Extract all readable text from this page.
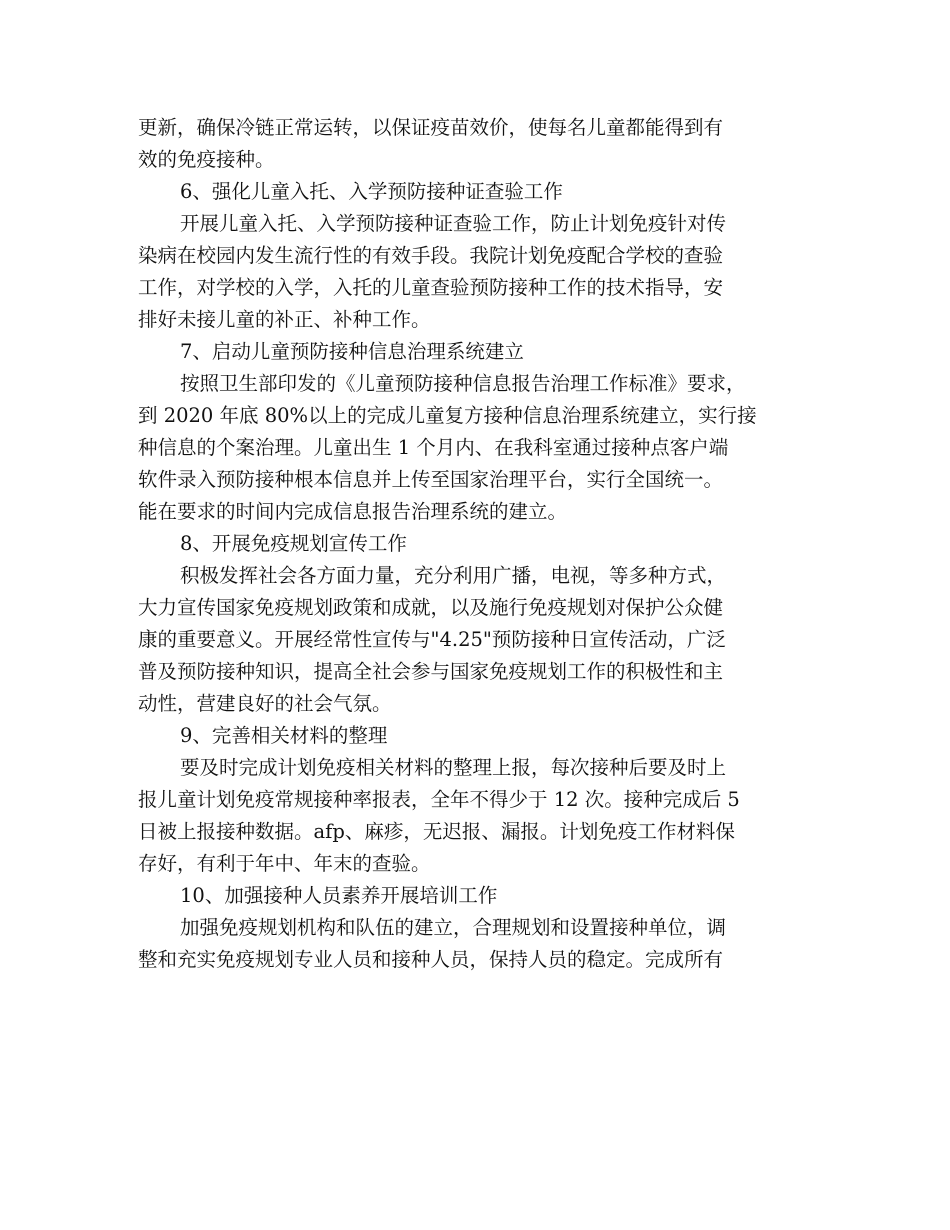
更新，确保冷链正常运转，以保证疫苗效价，使每名儿童都能得到有
效的免疫接种。
6、强化儿童入托、入学预防接种证查验工作
开展儿童入托、入学预防接种证查验工作，防止计划免疫针对传
染病在校园内发生流行性的有效手段。我院计划免疫配合学校的查验
工作，对学校的入学，入托的儿童查验预防接种工作的技术指导，安
排好未接儿童的补正、补种工作。
7、启动儿童预防接种信息治理系统建立
按照卫生部印发的《儿童预防接种信息报告治理工作标准》要求，
到 2020 年底 80%以上的完成儿童复方接种信息治理系统建立，实行接
种信息的个案治理。儿童出生 1 个月内、在我科室通过接种点客户端
软件录入预防接种根本信息并上传至国家治理平台，实行全国统一。
能在要求的时间内完成信息报告治理系统的建立。
8、开展免疫规划宣传工作
积极发挥社会各方面力量，充分利用广播，电视，等多种方式，
大力宣传国家免疫规划政策和成就，以及施行免疫规划对保护公众健
康的重要意义。开展经常性宣传与"4.25"预防接种日宣传活动，广泛
普及预防接种知识，提高全社会参与国家免疫规划工作的积极性和主
动性，营建良好的社会气氛。
9、完善相关材料的整理
要及时完成计划免疫相关材料的整理上报，每次接种后要及时上
报儿童计划免疫常规接种率报表，全年不得少于 12 次。接种完成后 5
日被上报接种数据。afp、麻疹，无迟报、漏报。计划免疫工作材料保
存好，有利于年中、年末的查验。
10、加强接种人员素养开展培训工作
加强免疫规划机构和队伍的建立，合理规划和设置接种单位，调
整和充实免疫规划专业人员和接种人员，保持人员的稳定。完成所有
